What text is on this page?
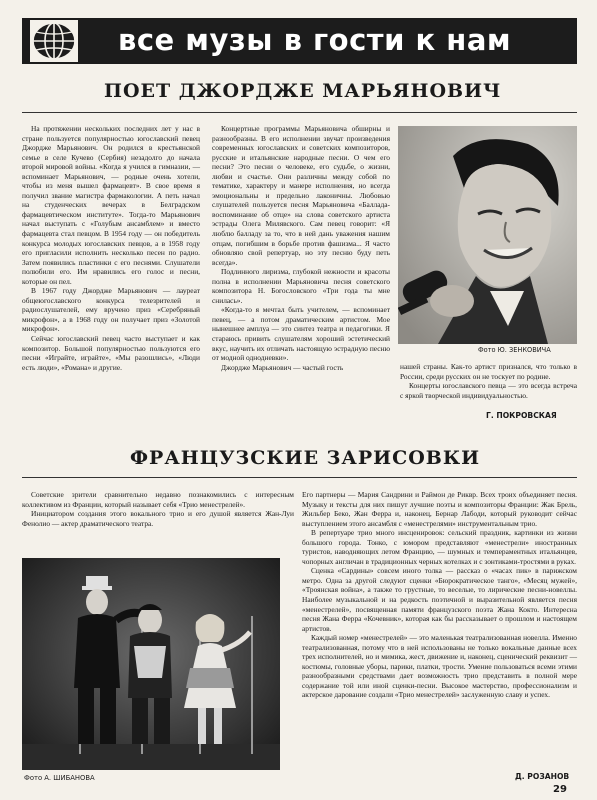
все музы в гости к нам
ПОЕТ ДЖОРДЖЕ МАРЬЯНОВИЧ

На протяжении нескольких последних лет у нас в стране пользуется популярностью югославский певец Джордже Марьянович. Он родился в крестьянской семье в селе Кучево (Сербия) незадолго до начала второй мировой войны. «Когда я учился в гимназии, — вспоминает Марьянович, — родные очень хотели, чтобы из меня вышел фармацевт». В свое время я получил звание магистра фармакологии. А петь начал на студенческих вечерах в Белградском фармацевтическом институте». Тогда-то Марьянович начал выступать с «Голубым ансамблем» и вместо фармацевта стал певцом. В 1954 году — он победитель конкурса молодых югославских певцов, а в 1958 году его пригласили исполнить несколько песен по радио. Затем появились пластинки с его песнями. Слушатели полюбили его. Им нравились его голос и песни, которые он пел.

В 1967 году Джордже Марьянович — лауреат общеюгославского конкурса телезрителей и радиослушателей, ему вручено приз «Серебряный микрофон», а в 1968 году он получает приз «Золотой микрофон».

Сейчас югославский певец часто выступает и как композитор. Большой популярностью пользуются его песни «Играйте, играйте», «Мы разошлись», «Люди есть люди», «Романа» и другие.

Концертные программы Марьяновича обширны и разнообразны. В его исполнении звучат произведения современных югославских и советских композиторов, русские и итальянские народные песни. О чем его песни? Это песни о человеке, его судьбе, о жизни, любви и счастье. Они различны между собой по тематике, характеру и манере исполнения, но всегда эмоциональны и предельно лаконичны. Любовью слушателей пользуется песня Марьяновича «Баллада-воспоминание об отце» на слова советского артиста эстрады Олега Милявского. Сам певец говорит: «Я люблю балладу за то, что в ней дань уважения нашим отцам, погибшим в борьбе против фашизма... Я часто обновляю свой репертуар, но эту песню буду петь всегда».

Подлинного лиризма, глубокой нежности и красоты полна в исполнении Марьяновича песня советского композитора Н. Богословского «Три года ты мне снилась».

«Когда-то я мечтал быть учителем, — вспоминает певец, — а потом драматическим артистом. Мое нынешнее амплуа — это синтез театра и педагогики. Я стараюсь привить слушателям хороший эстетический вкус, научить их отличать настоящую эстрадную песню от модной однодневки».

Джордже Марьянович — частый гость

Фото Ю. ЗЕНКОВИЧА

нашей страны. Как-то артист признался, что только в России, среди русских он не тоскует по родине.

Концерты югославского певца — это всегда встреча с яркой творческой индивидуальностью.

Г. ПОКРОВСКАЯ
ФРАНЦУЗСКИЕ ЗАРИСОВКИ

Советские зрители сравнительно недавно познакомились с интересным коллективом из Франции, который называет себя «Трио менестрелей».

Инициатором создания этого вокального трио и его душой является Жан-Луи Фенолио — актер драматического театра.

Фото А. ШИБАНОВА

Его партнеры — Мария Сандрини и Раймон де Риквр. Всех троих объединяет песня. Музыку и тексты для них пишут лучшие поэты и композиторы Франции: Жак Брель, Жильбер Беко, Жан Ферра и, наконец, Бернар Лабоди, который руководит сейчас выступлением этого ансамбля с «менестрелями» инструментальным трио.

В репертуаре трио много инсценировок: сельский праздник, картинки из жизни большого города. Тонко, с юмором представляют «менестрели» иностранных туристов, наводняющих летом Францию, — шумных и темпераментных итальянцев, чопорных англичан в традиционных черных котелках и с зонтиками-тростями в руках.

Сценка «Сардины» совсем иного толка — рассказ о «часах пик» в парижском метро. Одна за другой следуют сценки «Бюрократическое танго», «Месяц мужей», «Троянская война», а также то грустные, то веселые, то лирические песни-новеллы. Наиболее музыкальной и на редкость поэтичной и выразительной является песня «менестрелей», посвященная памяти французского поэта Жана Кокто. Интересна песня Жана Ферра «Кочевник», которая как бы рассказывает о прошлом и настоящем артистов.

Каждый номер «менестрелей» — это маленькая театрализованная новелла. Именно театрализованная, потому что в ней использованы не только вокальные данные всех трех исполнителей, но и мимика, жест, движение и, наконец, сценический реквизит — костюмы, головные уборы, парики, платки, трости. Умение пользоваться всеми этими разнообразными средствами дает возможность трио представить в полной мере содержание той или иной сценки-песни. Высокое мастерство, профессионализм и актерское дарование создали «Трио менестрелей» заслуженную славу и успех.

Д. РОЗАНОВ
29
